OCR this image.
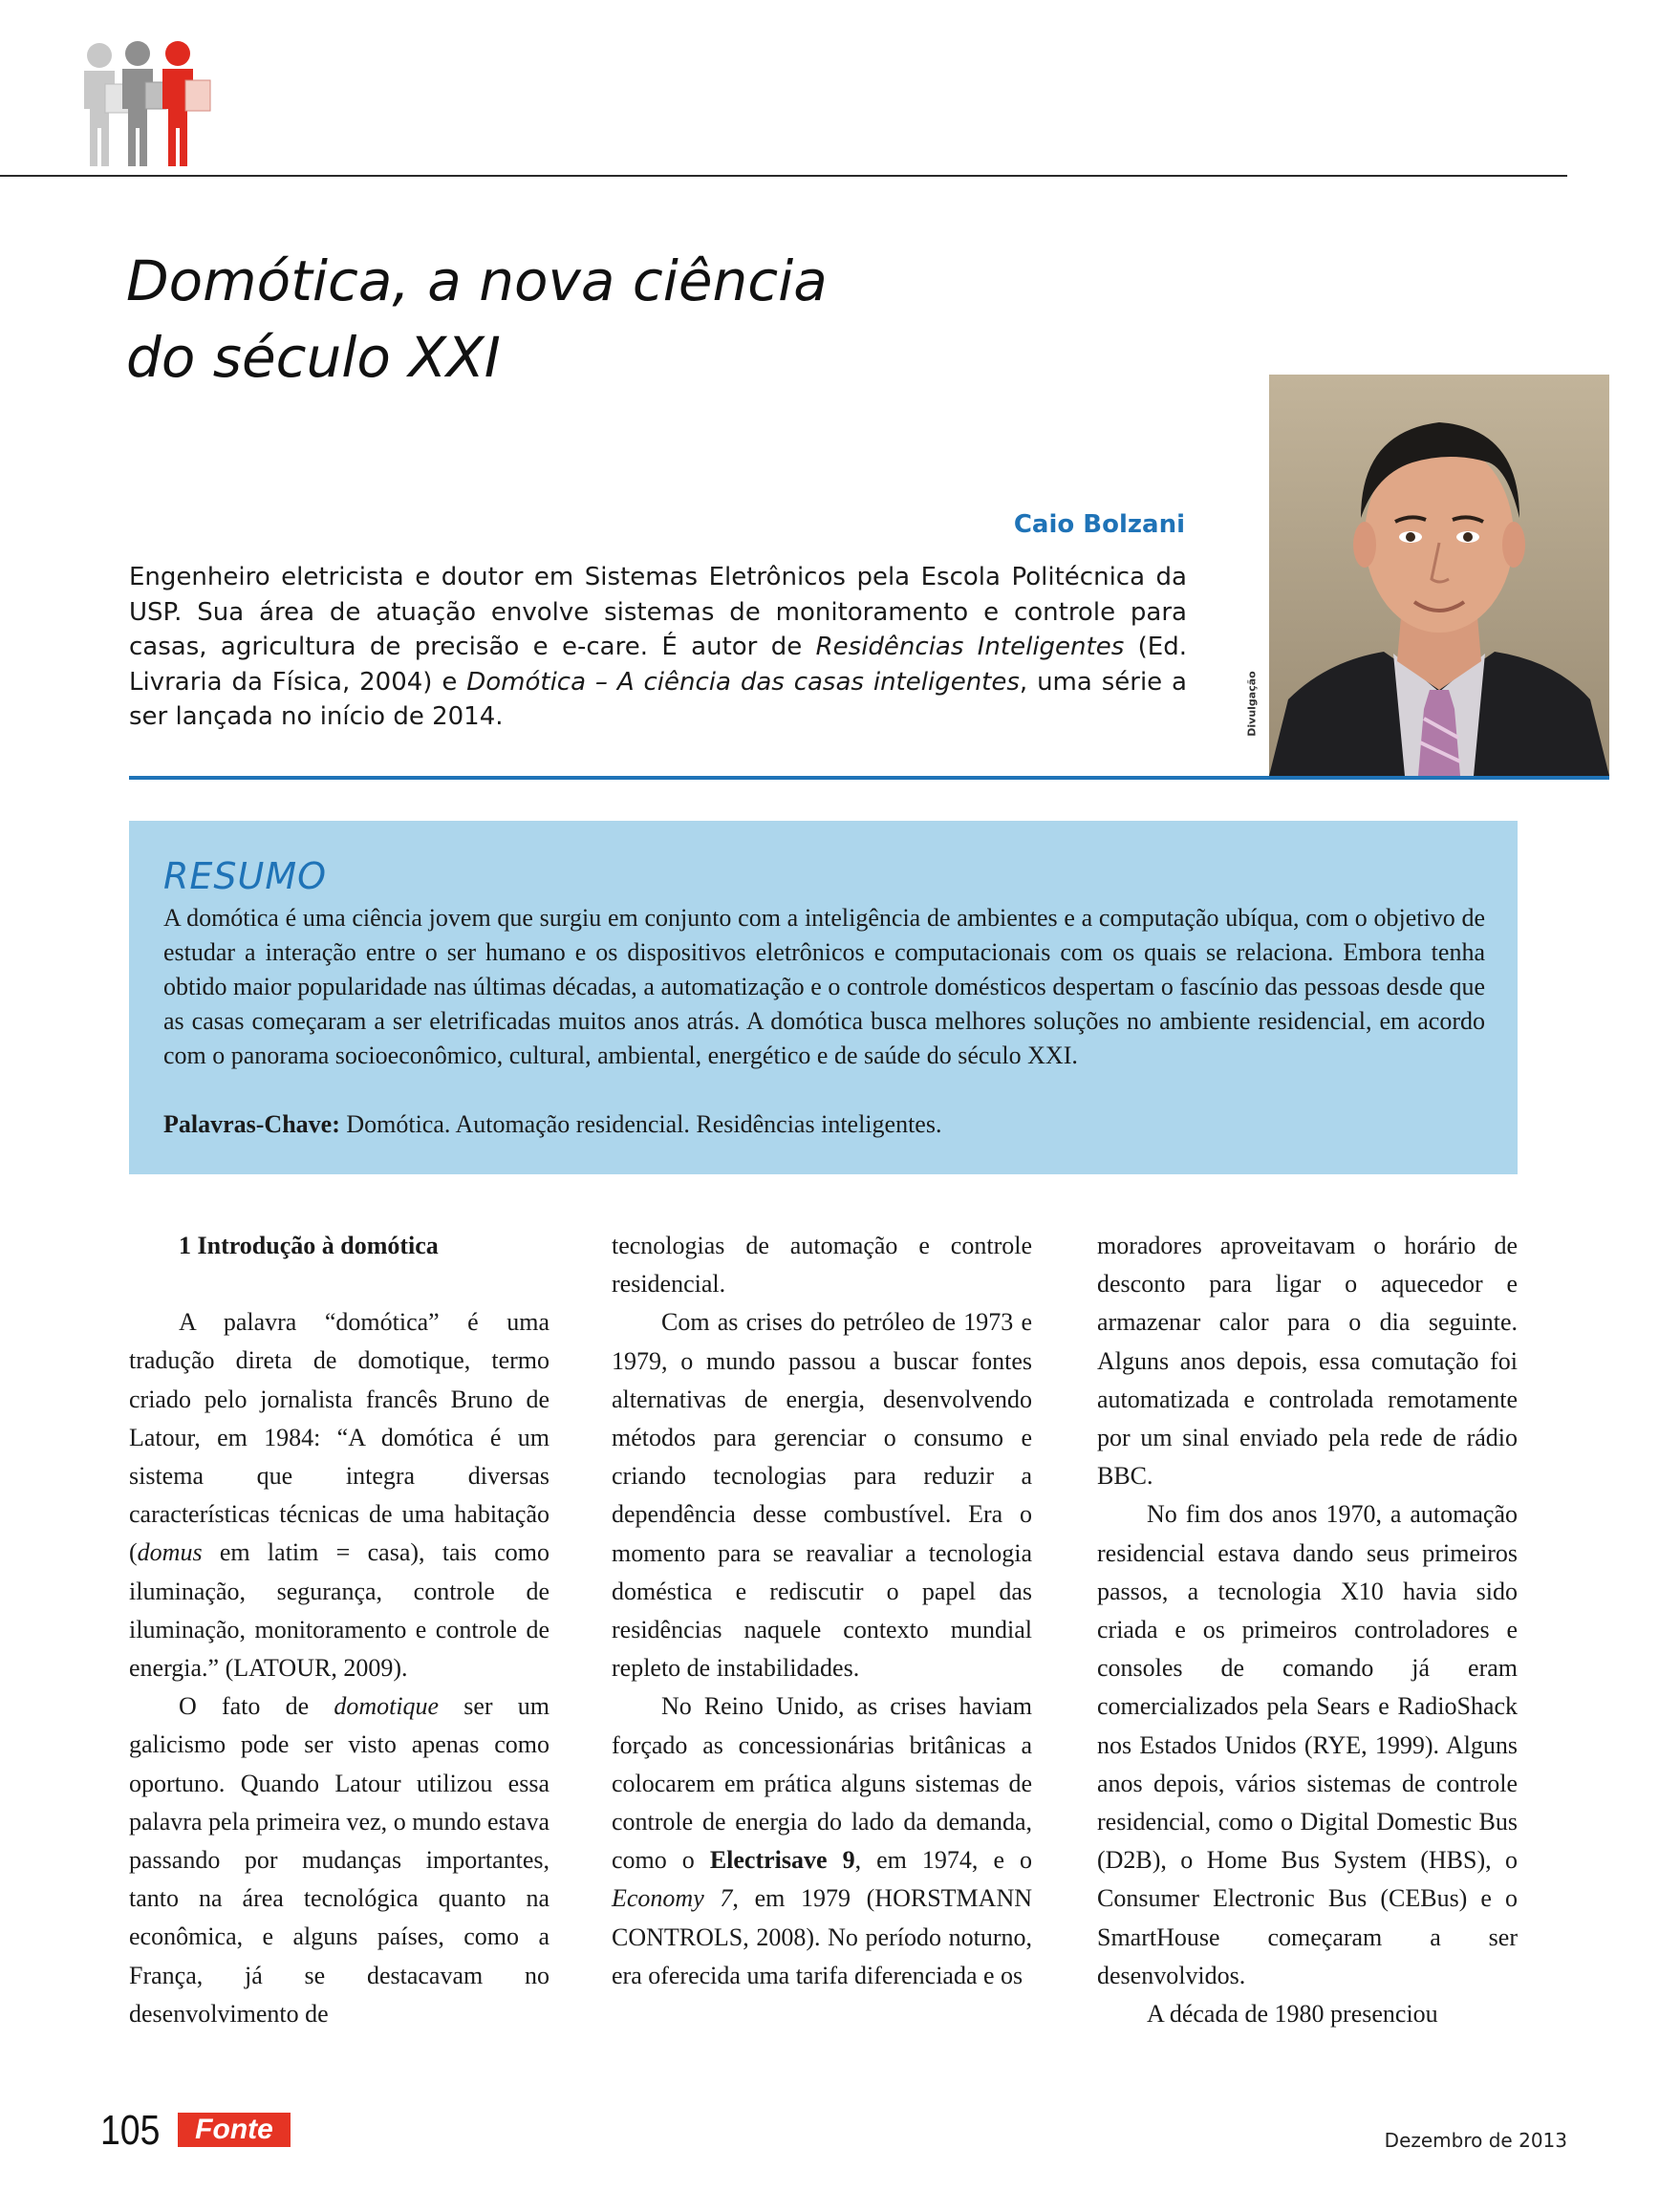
Domótica, a nova ciência
do século XXI
Caio Bolzani
Engenheiro eletricista e doutor em Sistemas Eletrônicos pela Escola Politécnica da USP. Sua área de atuação envolve sistemas de monitoramento e controle para casas, agricultura de precisão e e-care. É autor de Residências Inteligentes (Ed. Livraria da Física, 2004) e Domótica – A ciência das casas inteligentes, uma série a ser lançada no início de 2014.	Divulgação
RESUMO
A domótica é uma ciência jovem que surgiu em conjunto com a inteligência de ambientes e a computação ubíqua, com o objetivo de estudar a interação entre o ser humano e os dispositivos eletrônicos e computacionais com os quais se relaciona. Embora tenha obtido maior popularidade nas últimas décadas, a automatização e o controle domésticos despertam o fascínio das pessoas desde que as casas começaram a ser eletrificadas muitos anos atrás. A domótica busca melhores soluções no ambiente residencial, em acordo com o panorama socioeconômico, cultural, ambiental, energético e de saúde do século XXI.
Palavras-Chave: Domótica. Automação residencial. Residências inteligentes.

1 Introdução à domótica

A palavra “domótica” é uma tradução direta de domotique, termo criado pelo jornalista francês Bruno de Latour, em 1984: “A domótica é um sistema que integra diversas características técnicas de uma habitação (domus em latim = casa), tais como iluminação, segurança, controle de iluminação, monitoramento e controle de energia.” (LATOUR, 2009).

O fato de domotique ser um galicismo pode ser visto apenas como oportuno. Quando Latour utilizou essa palavra pela primeira vez, o mundo estava passando por mudanças importantes, tanto na área tecnológica quanto na econômica, e alguns países, como a França, já se destacavam no desenvolvimento de

tecnologias de automação e controle residencial.

Com as crises do petróleo de 1973 e 1979, o mundo passou a buscar fontes alternativas de energia, desenvolvendo métodos para gerenciar o consumo e criando tecnologias para reduzir a dependência desse combustível. Era o momento para se reavaliar a tecnologia doméstica e rediscutir o papel das residências naquele contexto mundial repleto de instabilidades.

No Reino Unido, as crises haviam forçado as concessionárias britânicas a colocarem em prática alguns sistemas de controle de energia do lado da demanda, como o Electrisave 9, em 1974, e o Economy 7, em 1979 (HORSTMANN CONTROLS, 2008). No período noturno, era oferecida uma tarifa diferenciada e os

moradores aproveitavam o horário de desconto para ligar o aquecedor e armazenar calor para o dia seguinte. Alguns anos depois, essa comutação foi automatizada e controlada remotamente por um sinal enviado pela rede de rádio BBC.

No fim dos anos 1970, a automação residencial estava dando seus primeiros passos, a tecnologia X10 havia sido criada e os primeiros controladores e consoles de comando já eram comercializados pela Sears e RadioShack nos Estados Unidos (RYE, 1999). Alguns anos depois, vários sistemas de controle residencial, como o Digital Domestic Bus (D2B), o Home Bus System (HBS), o Consumer Electronic Bus (CEBus) e o SmartHouse começaram a ser desenvolvidos.

A década de 1980 presenciou

105	Fonte	Dezembro de 2013
